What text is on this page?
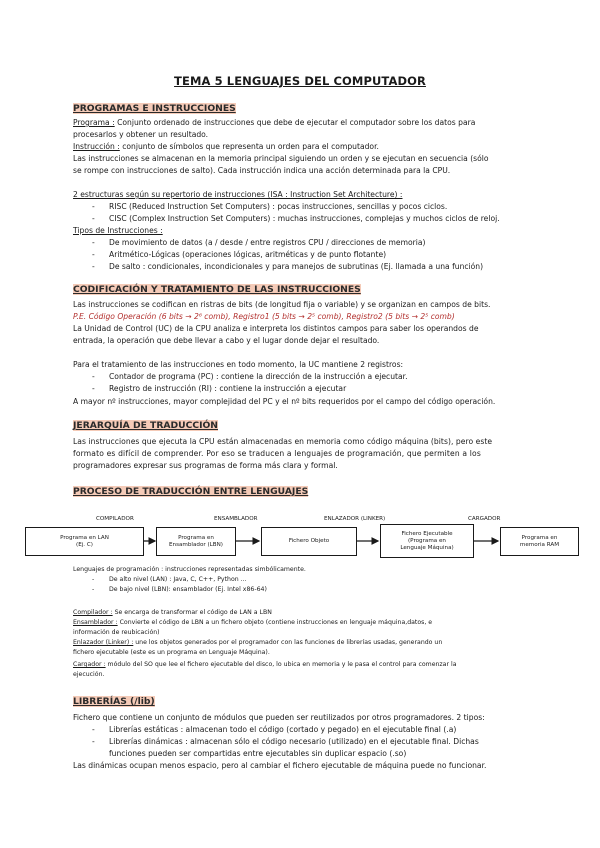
TEMA 5 LENGUAJES DEL COMPUTADOR
PROGRAMAS E INSTRUCCIONES
Programa : Conjunto ordenado de instrucciones que debe de ejecutar el computador sobre los datos para
procesarlos y obtener un resultado.
Instrucción : conjunto de símbolos que representa un orden para el computador.
Las instrucciones se almacenan en la memoria principal siguiendo un orden y se ejecutan en secuencia (sólo
se rompe con instrucciones de salto). Cada instrucción indica una acción determinada para la CPU.
2 estructuras según su repertorio de instrucciones (ISA : Instruction Set Architecture) :
- RISC (Reduced Instruction Set Computers) : pocas instrucciones, sencillas y pocos ciclos.
- CISC (Complex Instruction Set Computers) : muchas instrucciones, complejas y muchos ciclos de reloj.
Tipos de Instrucciones :
- De movimiento de datos (a / desde / entre registros CPU / direcciones de memoria)
- Aritmético-Lógicas (operaciones lógicas, aritméticas y de punto flotante)
- De salto : condicionales, incondicionales y para manejos de subrutinas (Ej. llamada a una función)
CODIFICACIÓN Y TRATAMIENTO DE LAS INSTRUCCIONES
Las instrucciones se codifican en ristras de bits (de longitud fija o variable) y se organizan en campos de bits.
P.E. Código Operación (6 bits → 2⁶ comb), Registro1 (5 bits → 2⁵ comb), Registro2 (5 bits → 2⁵ comb)
La Unidad de Control (UC) de la CPU analiza e interpreta los distintos campos para saber los operandos de
entrada, la operación que debe llevar a cabo y el lugar donde dejar el resultado.
Para el tratamiento de las instrucciones en todo momento, la UC mantiene 2 registros:
- Contador de programa (PC) : contiene la dirección de la instrucción a ejecutar.
- Registro de instrucción (RI) : contiene la instrucción a ejecutar
A mayor nº instrucciones, mayor complejidad del PC y el nº bits requeridos por el campo del código operación.
JERARQUÍA DE TRADUCCIÓN
Las instrucciones que ejecuta la CPU están almacenadas en memoria como código máquina (bits), pero este
formato es difícil de comprender. Por eso se traducen a lenguajes de programación, que permiten a los
programadores expresar sus programas de forma más clara y formal.
PROCESO DE TRADUCCIÓN ENTRE LENGUAJES
COMPILADOR	ENSAMBLADOR	ENLAZADOR (LINKER)	CARGADOR
Programa en LAN
(Ej. C)
Programa en
Ensamblador (LBN)
Fichero Objeto
Fichero Ejecutable
(Programa en
Lenguaje Máquina)
Programa en
memoria RAM
Lenguajes de programación : instrucciones representadas simbólicamente.
- De alto nivel (LAN) : Java, C, C++, Python ...
- De bajo nivel (LBN): ensamblador (Ej. Intel x86-64)
Compilador : Se encarga de transformar el código de LAN a LBN
Ensamblador : Convierte el código de LBN a un fichero objeto (contiene instrucciones en lenguaje máquina,datos, e
información de reubicación)
Enlazador (Linker) : une los objetos generados por el programador con las funciones de librerías usadas, generando un
fichero ejecutable (este es un programa en Lenguaje Máquina).
Cargador : módulo del SO que lee el fichero ejecutable del disco, lo ubica en memoria y le pasa el control para comenzar la
ejecución.
LIBRERÍAS (/lib)
Fichero que contiene un conjunto de módulos que pueden ser reutilizados por otros programadores. 2 tipos:
- Librerías estáticas : almacenan todo el código (cortado y pegado) en el ejecutable final (.a)
- Librerías dinámicas : almacenan sólo el código necesario (utilizado) en el ejecutable final. Dichas
funciones pueden ser compartidas entre ejecutables sin duplicar espacio (.so)
Las dinámicas ocupan menos espacio, pero al cambiar el fichero ejecutable de máquina puede no funcionar.
